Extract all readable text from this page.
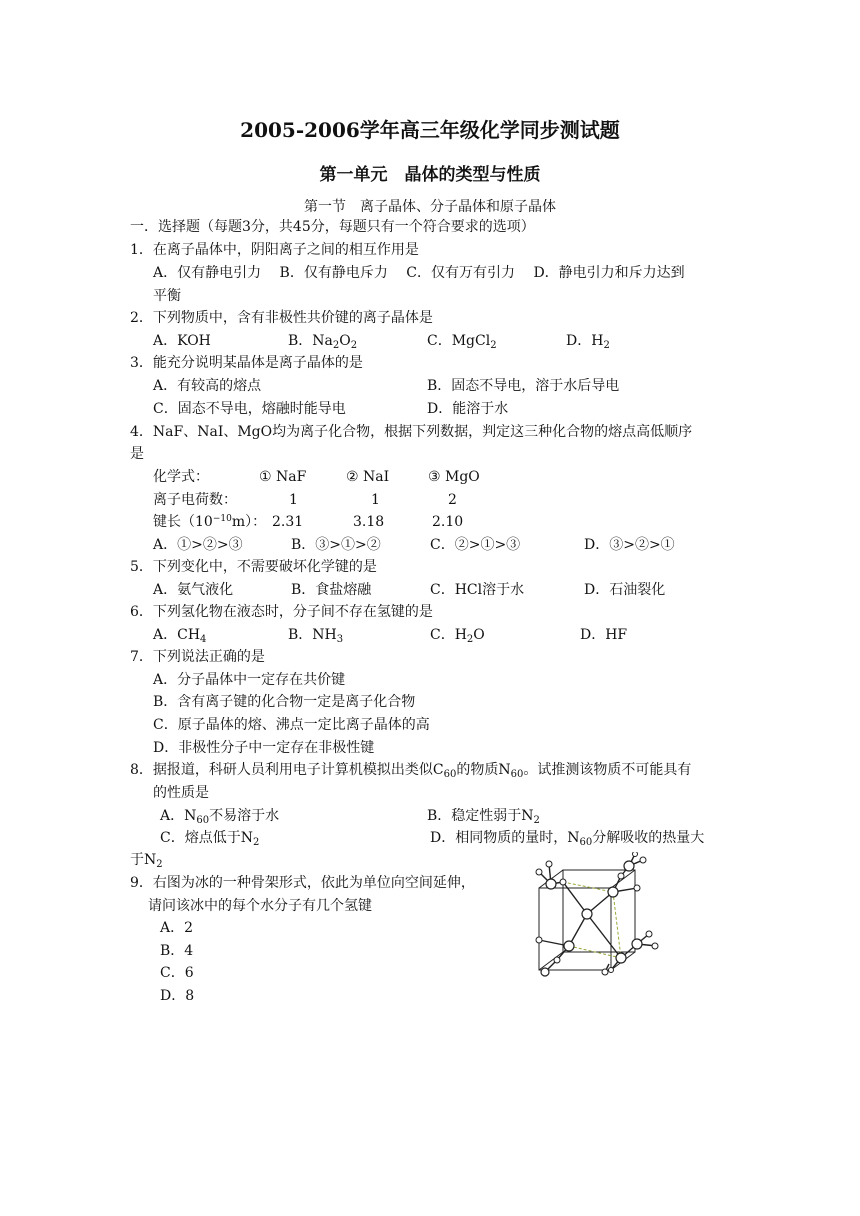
2005-2006学年高三年级化学同步测试题
第一单元　晶体的类型与性质
第一节　离子晶体、分子晶体和原子晶体
一．选择题（每题3分，共45分，每题只有一个符合要求的选项）
1．在离子晶体中，阴阳离子之间的相互作用是
A．仅有静电引力　 B．仅有静电斥力　 C．仅有万有引力　 D．静电引力和斥力达到
平衡
2．下列物质中，含有非极性共价键的离子晶体是
A．KOH	B．$Na_2O_2$	C．MgCl$_2$	D．$H_2$
3．能充分说明某晶体是离子晶体的是
A．有较高的熔点	B．固态不导电，溶于水后导电
C．固态不导电，熔融时能导电	D．能溶于水
4．NaF、NaI、MgO均为离子化合物，根据下列数据，判定这三种化合物的熔点高低顺序
是
化学式：	① NaF	② NaI	③ MgO
离子电荷数：	1	1	2
键长$(10^{-10}m)$： 2.31	3.18	2.10
A．①>②>③	B．③>①>②	C．②>①>③	D．③>②>①
5．下列变化中，不需要破坏化学键的是
A．氨气液化	B．食盐熔融	C．HCl溶于水	D．石油裂化
6．下列氢化物在液态时，分子间不存在氢键的是
A．$CH_4$	B．$NH_3$	C．$H_2O$	D．HF
7．下列说法正确的是
A．分子晶体中一定存在共价键
B．含有离子键的化合物一定是离子化合物
C．原子晶体的熔、沸点一定比离子晶体的高
D．非极性分子中一定存在非极性键
8．据报道，科研人员利用电子计算机模拟出类似$C_{60}$的物质$N_{60}$。试推测该物质不可能具有
的性质是
A．$N_{60}$不易溶于水	B．稳定性弱于$N_2$
C．熔点低于$N_2$	D．相同物质的量时，$N_{60}$分解吸收的热量大
于$N_2$
9．右图为冰的一种骨架形式，依此为单位向空间延伸，
请问该冰中的每个水分子有几个氢键
A．2
B．4
C．6
D．8
